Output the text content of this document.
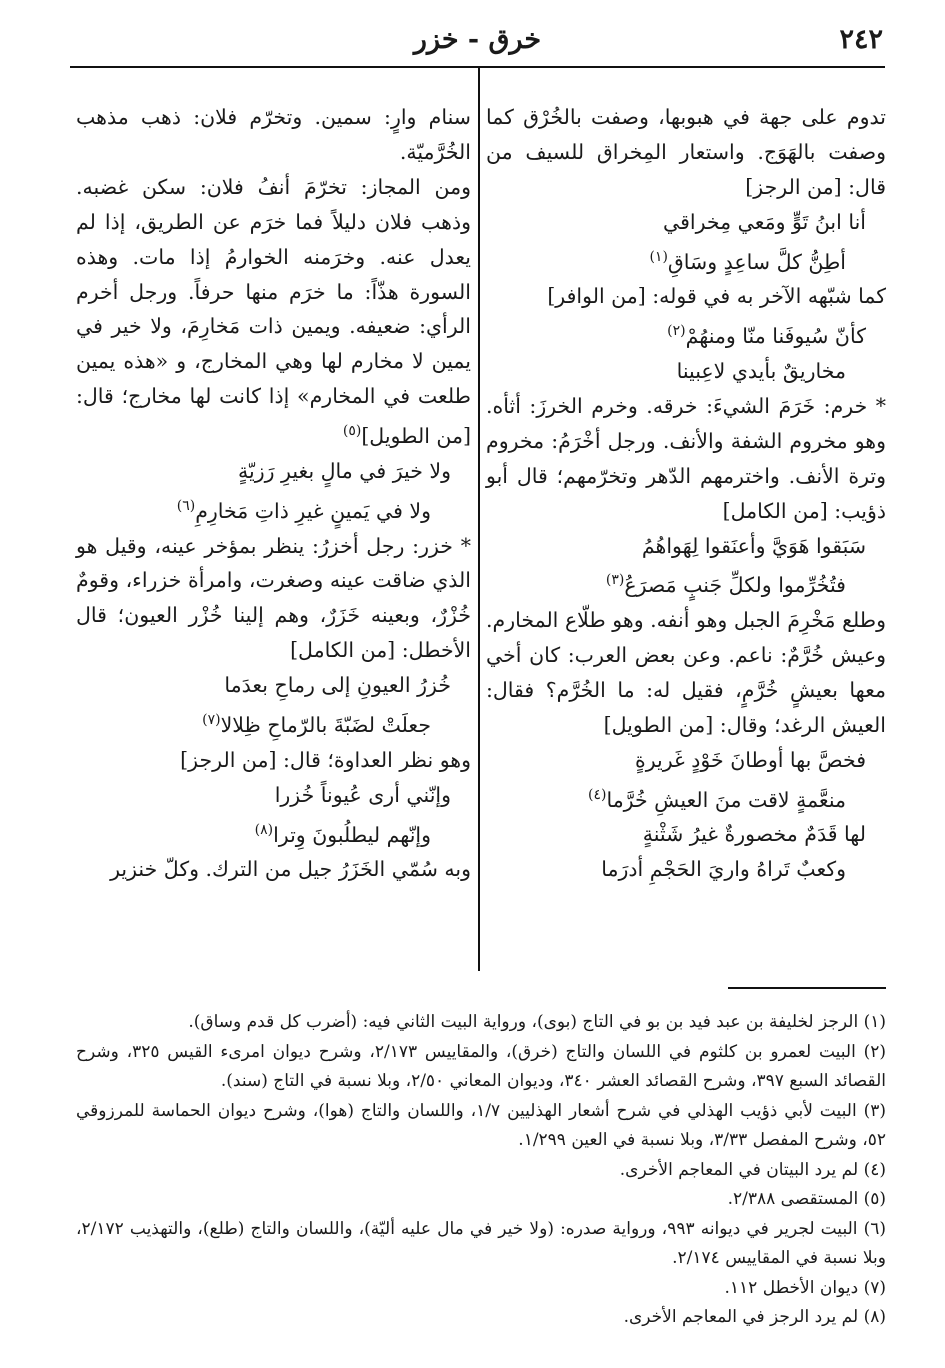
٢٤٢
خرق - خزر

تدوم على جهة في هبوبها، وصفت بالخُرْق كما وصفت بالهَوَج. واستعار المِخراق للسيف من قال: [من الرجز]

أنا ابنُ تَوٍّ ومَعي مِخراقي
أطِنُّ كلَّ ساعِدٍ وسَاقِ$^{(١)}$

كما شبّهه الآخر به في قوله: [من الوافر]

كأنّ سُيوفَنا منّا ومنهُمْ$^{(٢)}$
مخاريقٌ بأيدي لاعِبينا

* خرم: خَرَمَ الشيءَ: خرقه. وخرم الخرزَ: أثأه. وهو مخروم الشفة والأنف. ورجل أخْرَمُ: مخروم وترة الأنف. واخترمهم الدّهر وتخرّمهم؛ قال أبو ذؤيب: [من الكامل]

سَبَقوا هَوَيَّ وأعنَقوا لِهَواهُمُ
فتُخُرِّموا ولكلِّ جَنبٍ مَصرَعُ$^{(٣)}$

وطلع مَخْرِمَ الجبل وهو أنفه. وهو طلّاع المخارم. وعيش خُرَّمٌ: ناعم. وعن بعض العرب: كان أخي معها بعيشٍ خُرَّمٍ، فقيل له: ما الخُرَّم؟ فقال: العيش الرغد؛ وقال: [من الطويل]

فخصَّ بها أوطانَ خَوْدٍ غَريرةٍ
منعَّمةٍ لاقت منَ العيشِ خُرَّما$^{(٤)}$
لها قَدَمٌ مخصورةٌ غيرُ شَثْنةٍ
وكعبٌ تَراهُ واريَ الحَجْمِ أدرَما

سنام وارٍ: سمين. وتخرّم فلان: ذهب مذهب الخُرَّميّة.

ومن المجاز: تخرّمَ أنفُ فلان: سكن غضبه. وذهب فلان دليلاً فما خرَم عن الطريق، إذا لم يعدل عنه. وخرَمنه الخوارمُ إذا مات. وهذه السورة هذّاً: ما خرَم منها حرفاً. ورجل أخرم الرأي: ضعيفه. ويمين ذات مَخارِمَ، ولا خير في يمين لا مخارم لها وهي المخارج، و «هذه يمين طلعت في المخارم» إذا كانت لها مخارج؛ قال: [من الطويل]$^{(٥)}$

ولا خيرَ في مالٍ بغيرِ رَزيّةٍ
ولا في يَمينٍ غيرِ ذاتِ مَخارِمِ$^{(٦)}$

* خزر: رجل أخزرُ: ينظر بمؤخر عينه، وقيل هو الذي ضاقت عينه وصغرت، وامرأة خزراء، وقومٌ خُزْرٌ، وبعينه خَزَرٌ، وهم إلينا خُزْر العيون؛ قال الأخطل: [من الكامل]

خُزرُ العيونِ إلى رماحِ بعدَما
جعلَتْ لضَبّةَ بالرّماحِ ظِلالا$^{(٧)}$

وهو نظر العداوة؛ قال: [من الرجز]

وإنّني أرى عُيوناً خُزرا
وإنّهم ليطلُبونَ وِترا$^{(٨)}$

وبه سُمّي الخَزَرُ جيل من الترك. وكلّ خنزير

(١) الرجز لخليفة بن عبد فيد بن بو في التاج (بوى)، ورواية البيت الثاني فيه: (أضرب كل قدم وساق).

(٢) البيت لعمرو بن كلثوم في اللسان والتاج (خرق)، والمقاييس ٢/١٧٣، وشرح ديوان امرىء القيس ٣٢٥، وشرح القصائد السبع ٣٩٧، وشرح القصائد العشر ٣٤٠، وديوان المعاني ٢/٥٠، وبلا نسبة في التاج (سند).

(٣) البيت لأبي ذؤيب الهذلي في شرح أشعار الهذليين ١/٧، واللسان والتاج (هوا)، وشرح ديوان الحماسة للمرزوقي ٥٢، وشرح المفصل ٣/٣٣، وبلا نسبة في العين ١/٢٩٩.

(٤) لم يرد البيتان في المعاجم الأخرى.

(٥) المستقصى ٢/٣٨٨.

(٦) البيت لجرير في ديوانه ٩٩٣، ورواية صدره: (ولا خير في مال عليه أليّة)، واللسان والتاج (طلع)، والتهذيب ٢/١٧٢، وبلا نسبة في المقاييس ٢/١٧٤.

(٧) ديوان الأخطل ١١٢.

(٨) لم يرد الرجز في المعاجم الأخرى.
